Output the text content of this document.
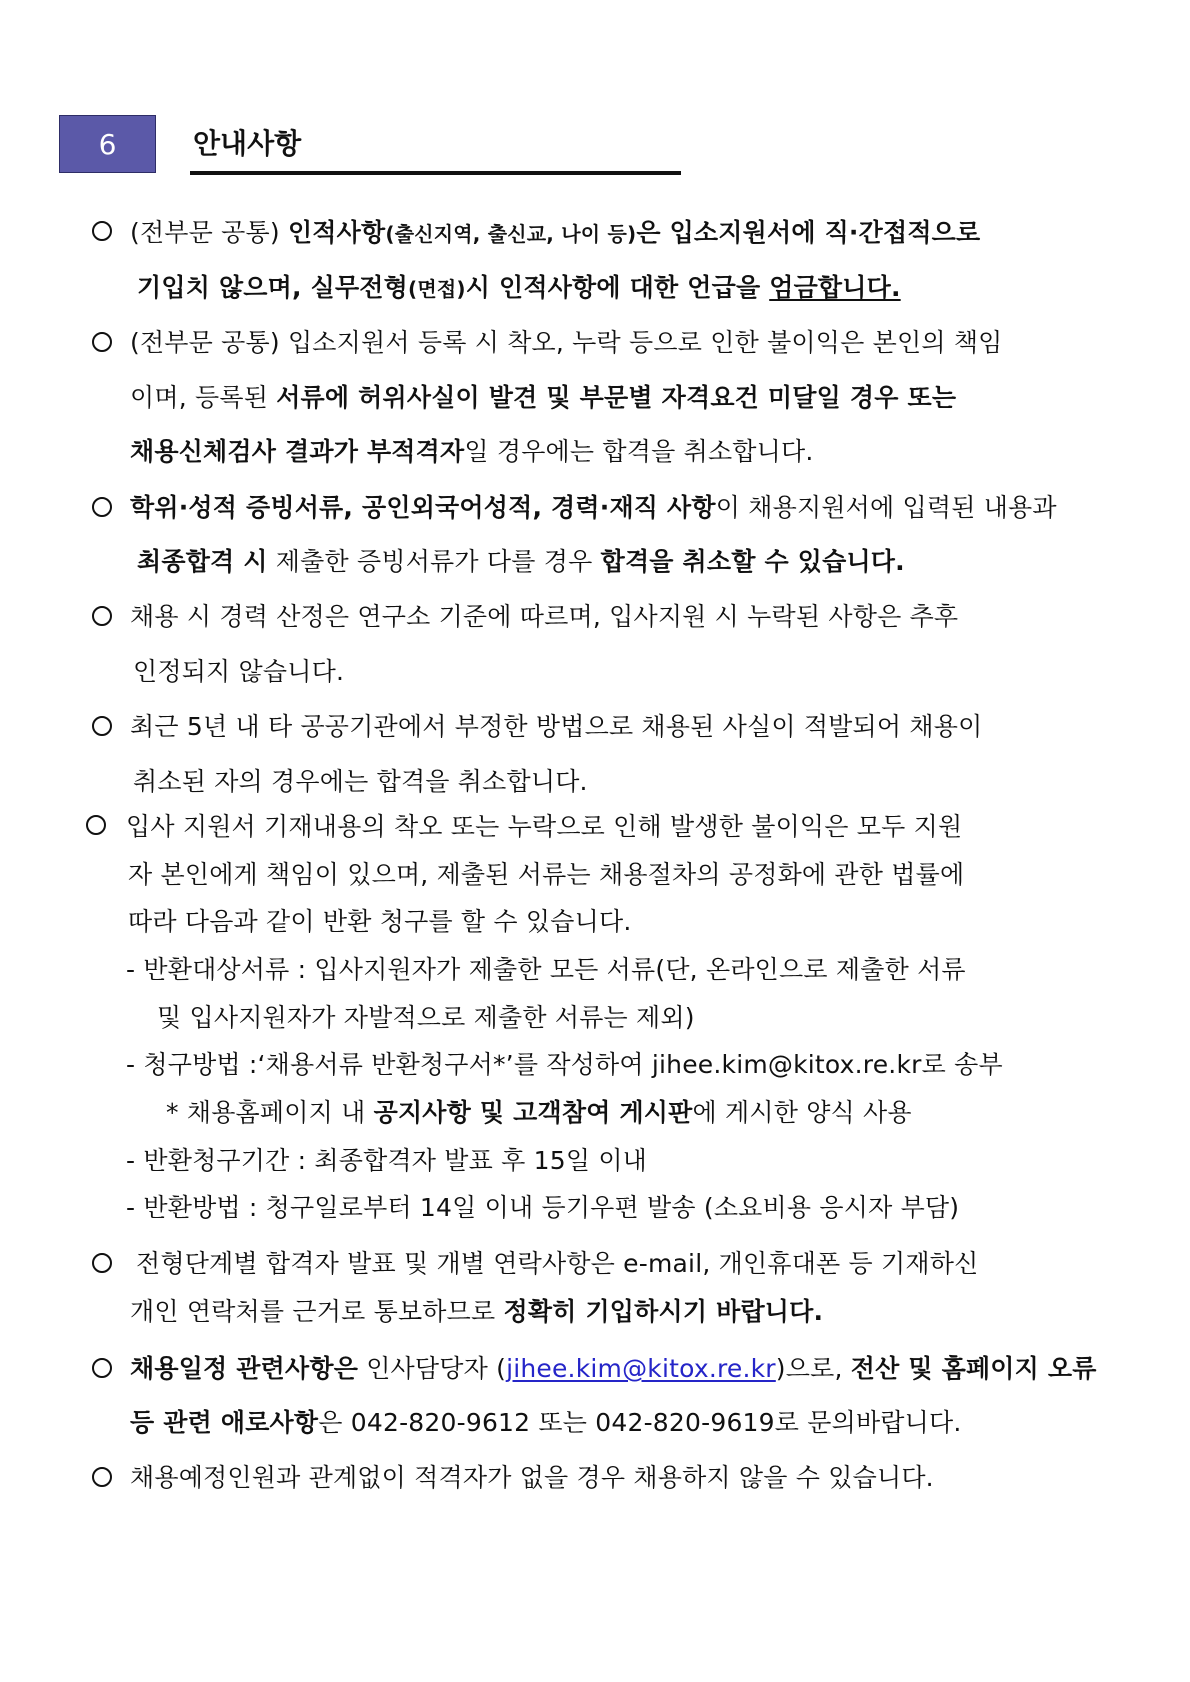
6	안내사항
(전부문 공통) 인적사항(출신지역, 출신교, 나이 등)은 입소지원서에 직·간접적으로
기입치 않으며, 실무전형(면접)시 인적사항에 대한 언급을 엄금합니다.
(전부문 공통) 입소지원서 등록 시 착오, 누락 등으로 인한 불이익은 본인의 책임
이며, 등록된 서류에 허위사실이 발견 및 부문별 자격요건 미달일 경우 또는
채용신체검사 결과가 부적격자일 경우에는 합격을 취소합니다.
학위·성적 증빙서류, 공인외국어성적, 경력·재직 사항이 채용지원서에 입력된 내용과
최종합격 시 제출한 증빙서류가 다를 경우 합격을 취소할 수 있습니다.
채용 시 경력 산정은 연구소 기준에 따르며, 입사지원 시 누락된 사항은 추후
인정되지 않습니다.
최근 5년 내 타 공공기관에서 부정한 방법으로 채용된 사실이 적발되어 채용이
취소된 자의 경우에는 합격을 취소합니다.
입사 지원서 기재내용의 착오 또는 누락으로 인해 발생한 불이익은 모두 지원
자 본인에게 책임이 있으며, 제출된 서류는 채용절차의 공정화에 관한 법률에
따라 다음과 같이 반환 청구를 할 수 있습니다.
- 반환대상서류 : 입사지원자가 제출한 모든 서류(단, 온라인으로 제출한 서류
및 입사지원자가 자발적으로 제출한 서류는 제외)
- 청구방법 :‘채용서류 반환청구서*’를 작성하여 jihee.kim@kitox.re.kr로 송부
* 채용홈페이지 내 공지사항 및 고객참여 게시판에 게시한 양식 사용
- 반환청구기간 : 최종합격자 발표 후 15일 이내
- 반환방법 : 청구일로부터 14일 이내 등기우편 발송 (소요비용 응시자 부담)
전형단계별 합격자 발표 및 개별 연락사항은 e-mail, 개인휴대폰 등 기재하신
개인 연락처를 근거로 통보하므로 정확히 기입하시기 바랍니다.
채용일정 관련사항은 인사담당자 (jihee.kim@kitox.re.kr)으로, 전산 및 홈페이지 오류
등 관련 애로사항은 042-820-9612 또는 042-820-9619로 문의바랍니다.
채용예정인원과 관계없이 적격자가 없을 경우 채용하지 않을 수 있습니다.
